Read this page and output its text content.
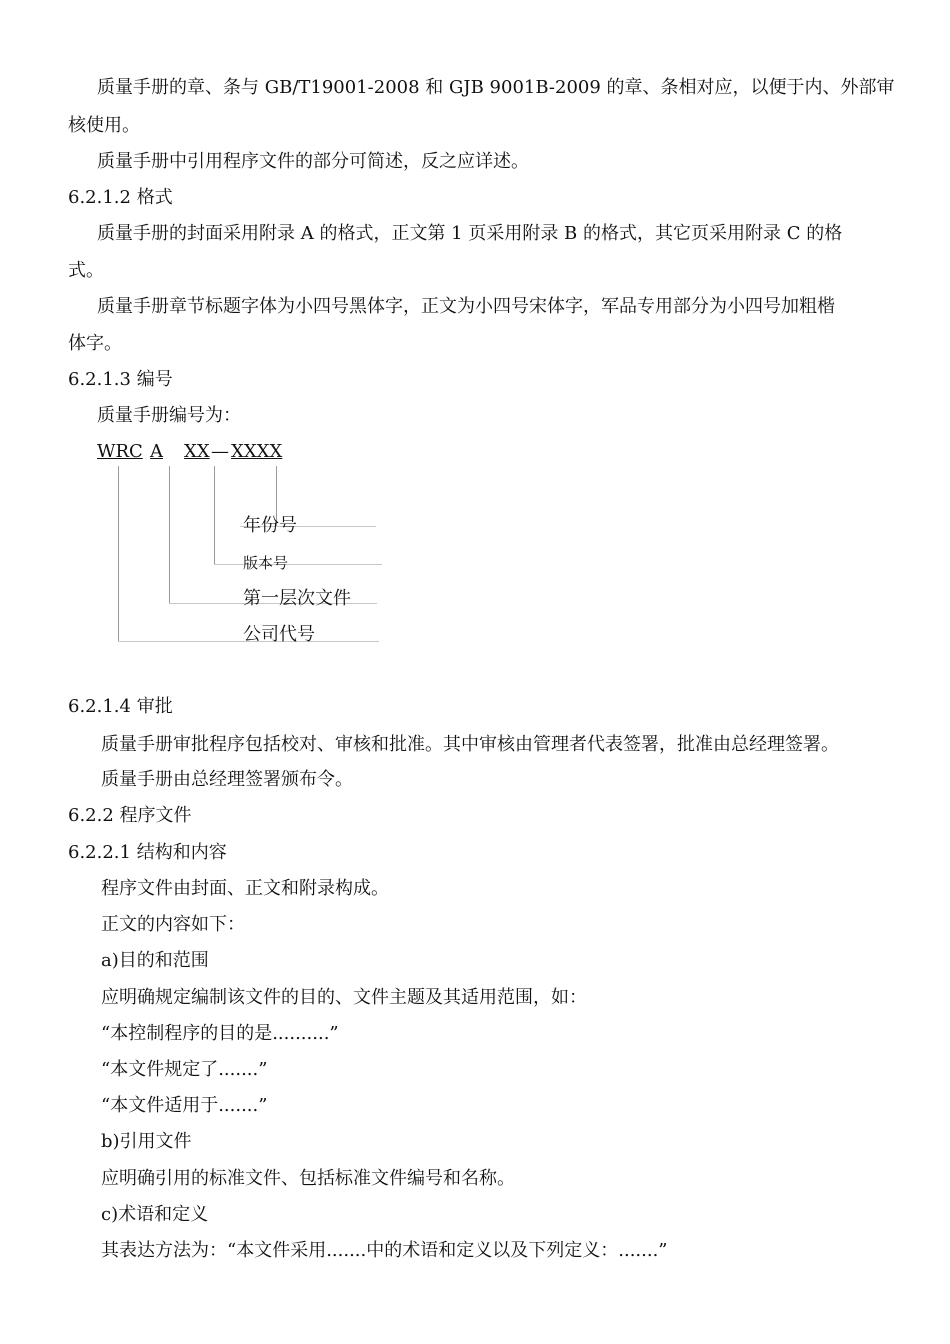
质量手册的章、条与 GB/T19001-2008 和 GJB 9001B-2009 的章、条相对应，以便于内、外部审
核使用。
质量手册中引用程序文件的部分可简述，反之应详述。
6.2.1.2 格式
质量手册的封面采用附录 A 的格式，正文第 1 页采用附录 B 的格式，其它页采用附录 C 的格
式。
质量手册章节标题字体为小四号黑体字，正文为小四号宋体字，军品专用部分为小四号加粗楷
体字。
6.2.1.3 编号
质量手册编号为：
WRC A XX — XXXX
年份号
版本号
第一层次文件
公司代号
6.2.1.4 审批
质量手册审批程序包括校对、审核和批准。其中审核由管理者代表签署，批准由总经理签署。
质量手册由总经理签署颁布令。
6.2.2 程序文件
6.2.2.1 结构和内容
程序文件由封面、正文和附录构成。
正文的内容如下：
a)目的和范围
应明确规定编制该文件的目的、文件主题及其适用范围，如：
“本控制程序的目的是..........”
“本文件规定了.......”
“本文件适用于.......”
b)引用文件
应明确引用的标准文件、包括标准文件编号和名称。
c)术语和定义
其表达方法为：“本文件采用.......中的术语和定义以及下列定义：.......”
